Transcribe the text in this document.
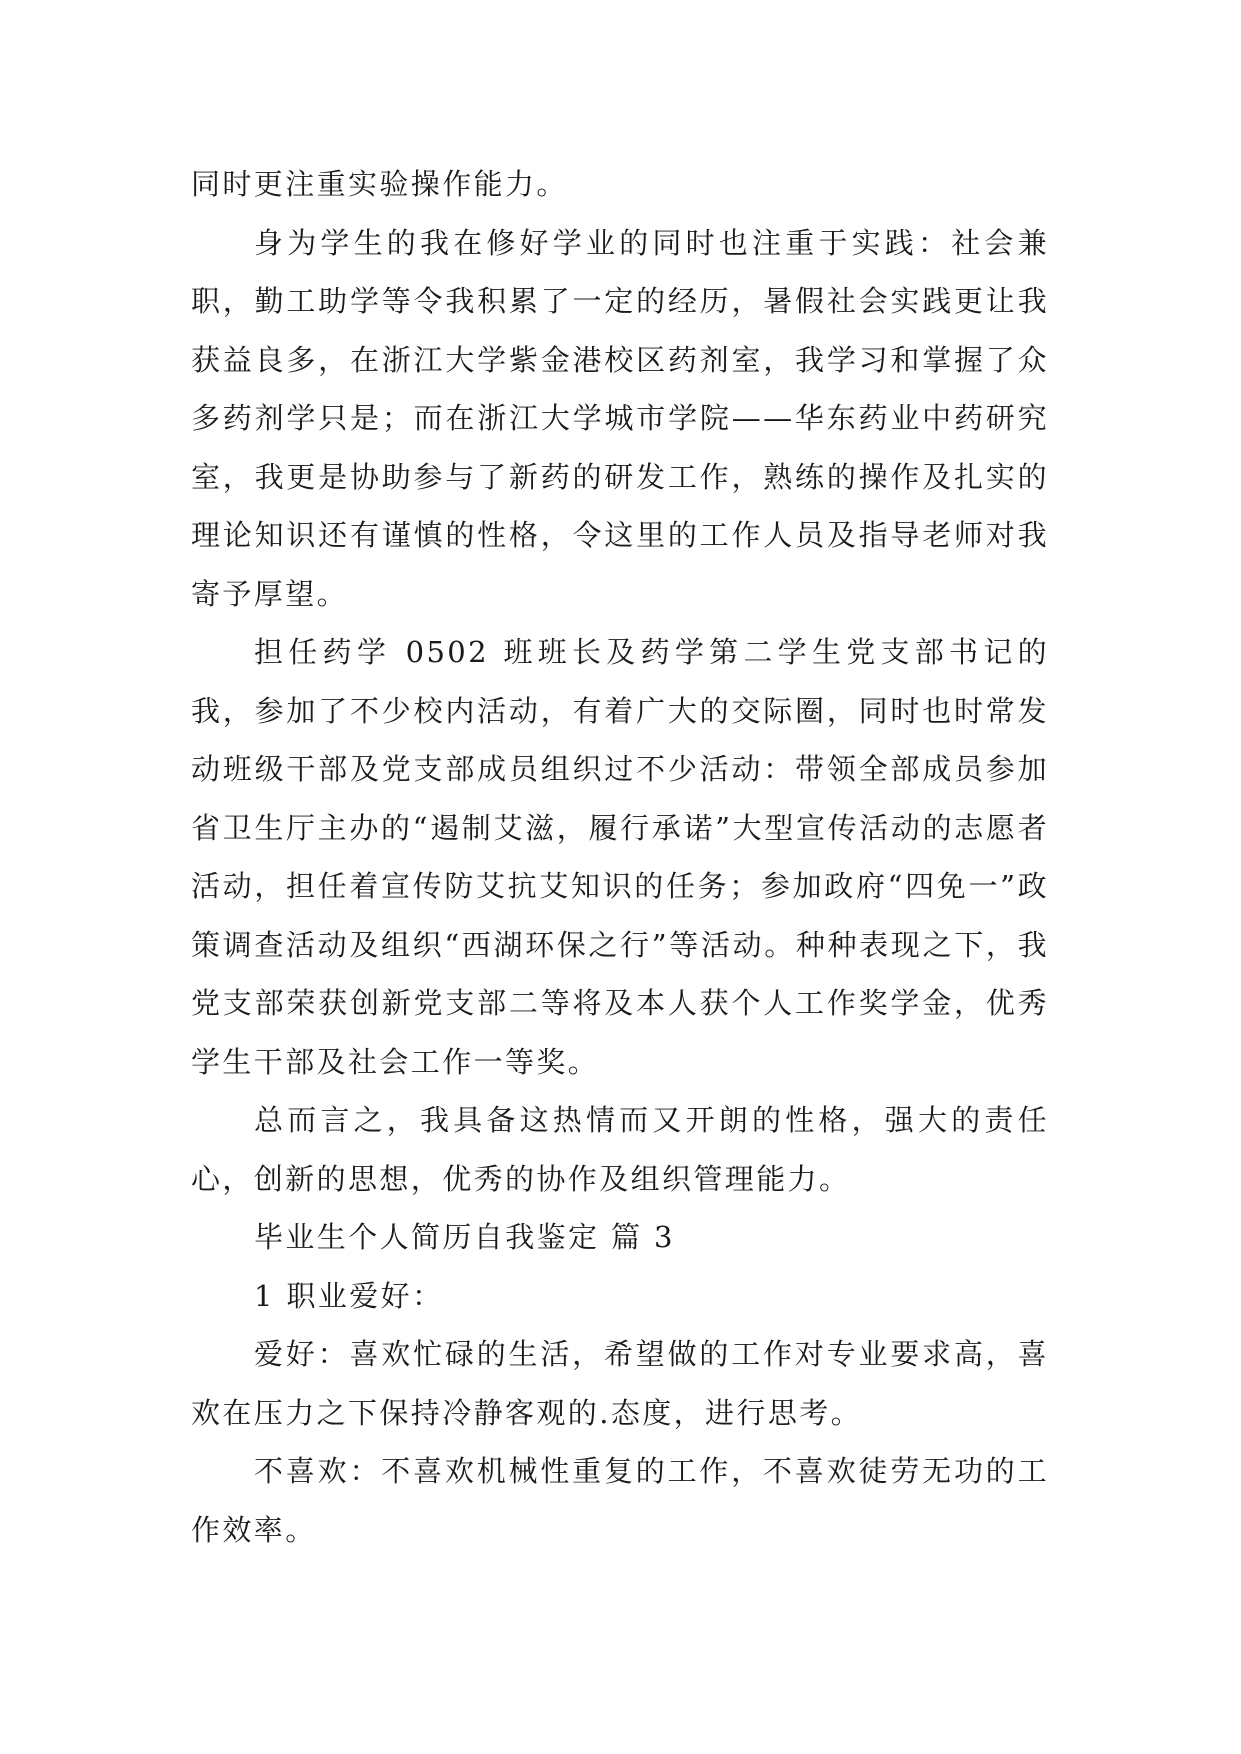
同时更注重实验操作能力。

身为学生的我在修好学业的同时也注重于实践：社会兼职，勤工助学等令我积累了一定的经历，暑假社会实践更让我获益良多，在浙江大学紫金港校区药剂室，我学习和掌握了众多药剂学只是；而在浙江大学城市学院——华东药业中药研究室，我更是协助参与了新药的研发工作，熟练的操作及扎实的理论知识还有谨慎的性格，令这里的工作人员及指导老师对我寄予厚望。

担任药学 0502 班班长及药学第二学生党支部书记的我，参加了不少校内活动，有着广大的交际圈，同时也时常发动班级干部及党支部成员组织过不少活动：带领全部成员参加省卫生厅主办的“遏制艾滋，履行承诺”大型宣传活动的志愿者活动，担任着宣传防艾抗艾知识的任务；参加政府“四免一”政策调查活动及组织“西湖环保之行”等活动。种种表现之下，我党支部荣获创新党支部二等将及本人获个人工作奖学金，优秀学生干部及社会工作一等奖。

总而言之，我具备这热情而又开朗的性格，强大的责任心，创新的思想，优秀的协作及组织管理能力。

毕业生个人简历自我鉴定 篇 3

1 职业爱好：

爱好：喜欢忙碌的生活，希望做的工作对专业要求高，喜欢在压力之下保持冷静客观的.态度，进行思考。

不喜欢：不喜欢机械性重复的工作，不喜欢徒劳无功的工作效率。
